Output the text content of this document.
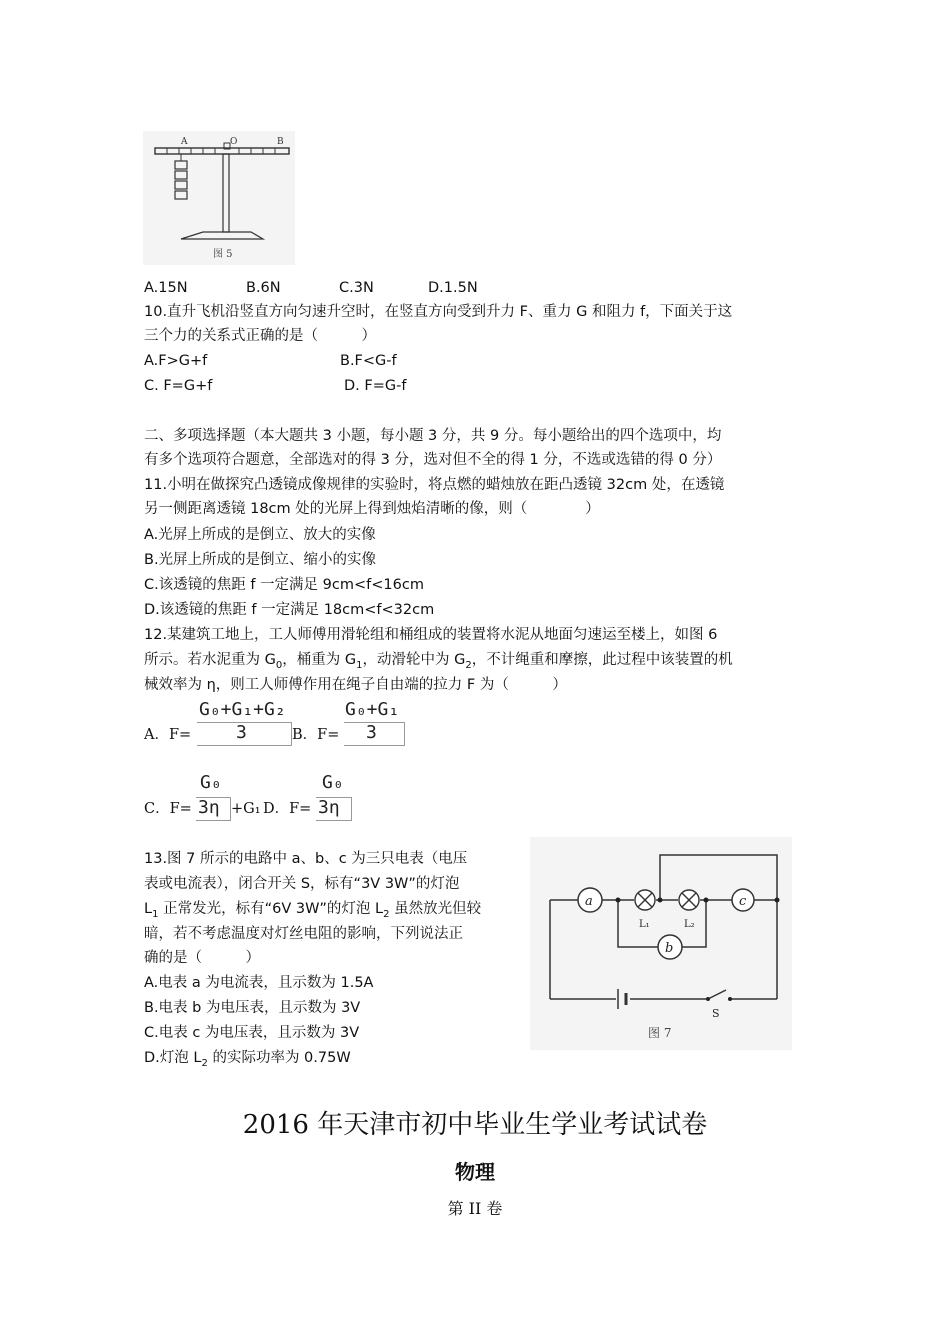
A	O	B
图 5
A.15N	B.6N	C.3N	D.1.5N
10.直升飞机沿竖直方向匀速升空时，在竖直方向受到升力 F、重力 G 和阻力 f，下面关于这
三个力的关系式正确的是（　　　）
A.F>G+f	B.F<G-f
C. F=G+f	D. F=G-f
二、多项选择题（本大题共 3 小题，每小题 3 分，共 9 分。每小题给出的四个选项中，均
有多个选项符合题意，全部选对的得 3 分，选对但不全的得 1 分，不选或选错的得 0 分）
11.小明在做探究凸透镜成像规律的实验时，将点燃的蜡烛放在距凸透镜 32cm 处，在透镜
另一侧距离透镜 18cm 处的光屏上得到烛焰清晰的像，则（　　　　）
A.光屏上所成的是倒立、放大的实像
B.光屏上所成的是倒立、缩小的实像
C.该透镜的焦距 f 一定满足 9cm<f<16cm
D.该透镜的焦距 f 一定满足 18cm<f<32cm
12.某建筑工地上，工人师傅用滑轮组和桶组成的装置将水泥从地面匀速运至楼上，如图 6
所示。若水泥重为 $G_0$，桶重为 $G_1$，动滑轮中为 $G_2$，不计绳重和摩擦，此过程中该装置的机
械效率为 η，则工人师傅作用在绳子自由端的拉力 F 为（　　　）
A．F=
G₀+G₁+G₂
3	B．F=
G₀+G₁
3
C．F=
G₀
3η +G₁ D．F=
G₀
3η
13.图 7 所示的电路中 a、b、c 为三只电表（电压
表或电流表），闭合开关 S，标有“3V 3W”的灯泡
$L_1$ 正常发光，标有“6V 3W”的灯泡 $L_2$ 虽然放光但较
暗，若不考虑温度对灯丝电阻的影响，下列说法正
确的是（　　　）
A.电表 a 为电流表，且示数为 1.5A
B.电表 b 为电压表，且示数为 3V
C.电表 c 为电压表，且示数为 3V
D.灯泡 $L_2$ 的实际功率为 0.75W
a
L₁	L₂
c
b
S
图 7
2016 年天津市初中毕业生学业考试试卷
物理
第 II 卷
